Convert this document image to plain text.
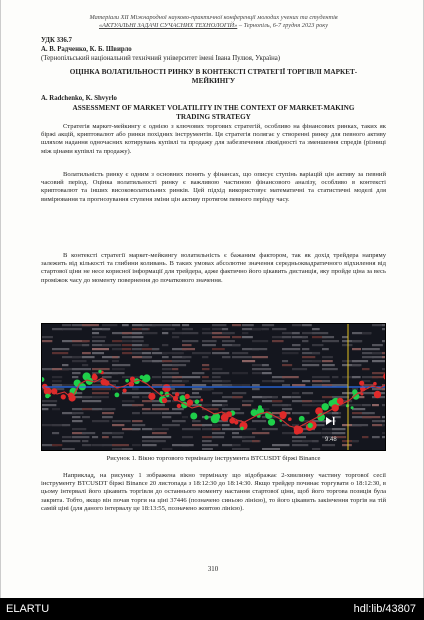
Матеріали XII Міжнародної науково-практичної конференції молодих учених та студентів
«АКТУАЛЬНІ ЗАДАЧІ СУЧАСНИХ ТЕХНОЛОГІЙ» – Тернопіль, 6-7 грудня 2023 року
УДК 336.7
А. В. Радченко, К. Б. Швирло
(Тернопільський національний технічний університет імені Івана Пулюя, Україна)
ОЦІНКА ВОЛАТИЛЬНОСТІ РИНКУ В КОНТЕКСТІ СТРАТЕГІЇ ТОРГІВЛІ МАРКЕТ-МЕЙКИНГУ
A. Radchenko, K. Shvyrlo
ASSESSMENT OF MARKET VOLATILITY IN THE CONTEXT OF MARKET-MAKING TRADING STRATEGY
Стратегія маркет-мейкингу є однією з ключових торгових стратегій, особливо на фінансових ринках, таких як біржі акцій, криптовалют або ринки похідних інструментів. Ця стратегія полягає у створенні ринку для певного активу шляхом надання одночасних котирувань купівлі та продажу для забезпечення ліквідності та зменшення спредів (різниці між цінами купівлі та продажу).
Волатильність ринку є одним з основних понять у фінансах, що описує ступінь варіацій цін активу за певний часовий період. Оцінка волатильності ринку є важливою частиною фінансового аналізу, особливо в контексті криптовалют та інших високоволатильних ринків. Цей підхід використовує математичні та статистичні моделі для вимірювання та прогнозування ступеня зміни цін активу протягом певного періоду часу.
В контексті стратегії маркет-мейкингу волатильність є бажаним фактором, так як дохід трейдера напряму залежить від кількості та глибини коливань. В таких умовах абсолютне значення середньоквадратичного відхилення від стартової ціни не несе корисної інформації для трейдера, адже фактично його цікавить дистанція, яку пройде ціна за весь проміжок часу до моменту повернення до початкового значення.
9.48
Рисунок 1. Вікно торгового терміналу інструмента BTCUSDT біржі Binance
Наприклад, на рисунку 1 зображена вікно терміналу що відображає 2-хвилинну частину торгової сесії інструменту BTCUSDT біржі Binance 20 листопада з 18:12:30 до 18:14:30. Якщо трейдер починає торгувати о 18:12:30, в цьому інтервалі його цікавить торгівля до останнього моменту настання стартової ціни, щоб його торгова позиція була закрита. Тобто, якщо він почав торги на ціні 37446 (позначено синьою лінією), то його цікавить закінчення торгів на тій самій ціні (для даного інтервалу це 18:13:55, позначено жовтою лінією).
310
ELARTU	hdl:lib/43807
